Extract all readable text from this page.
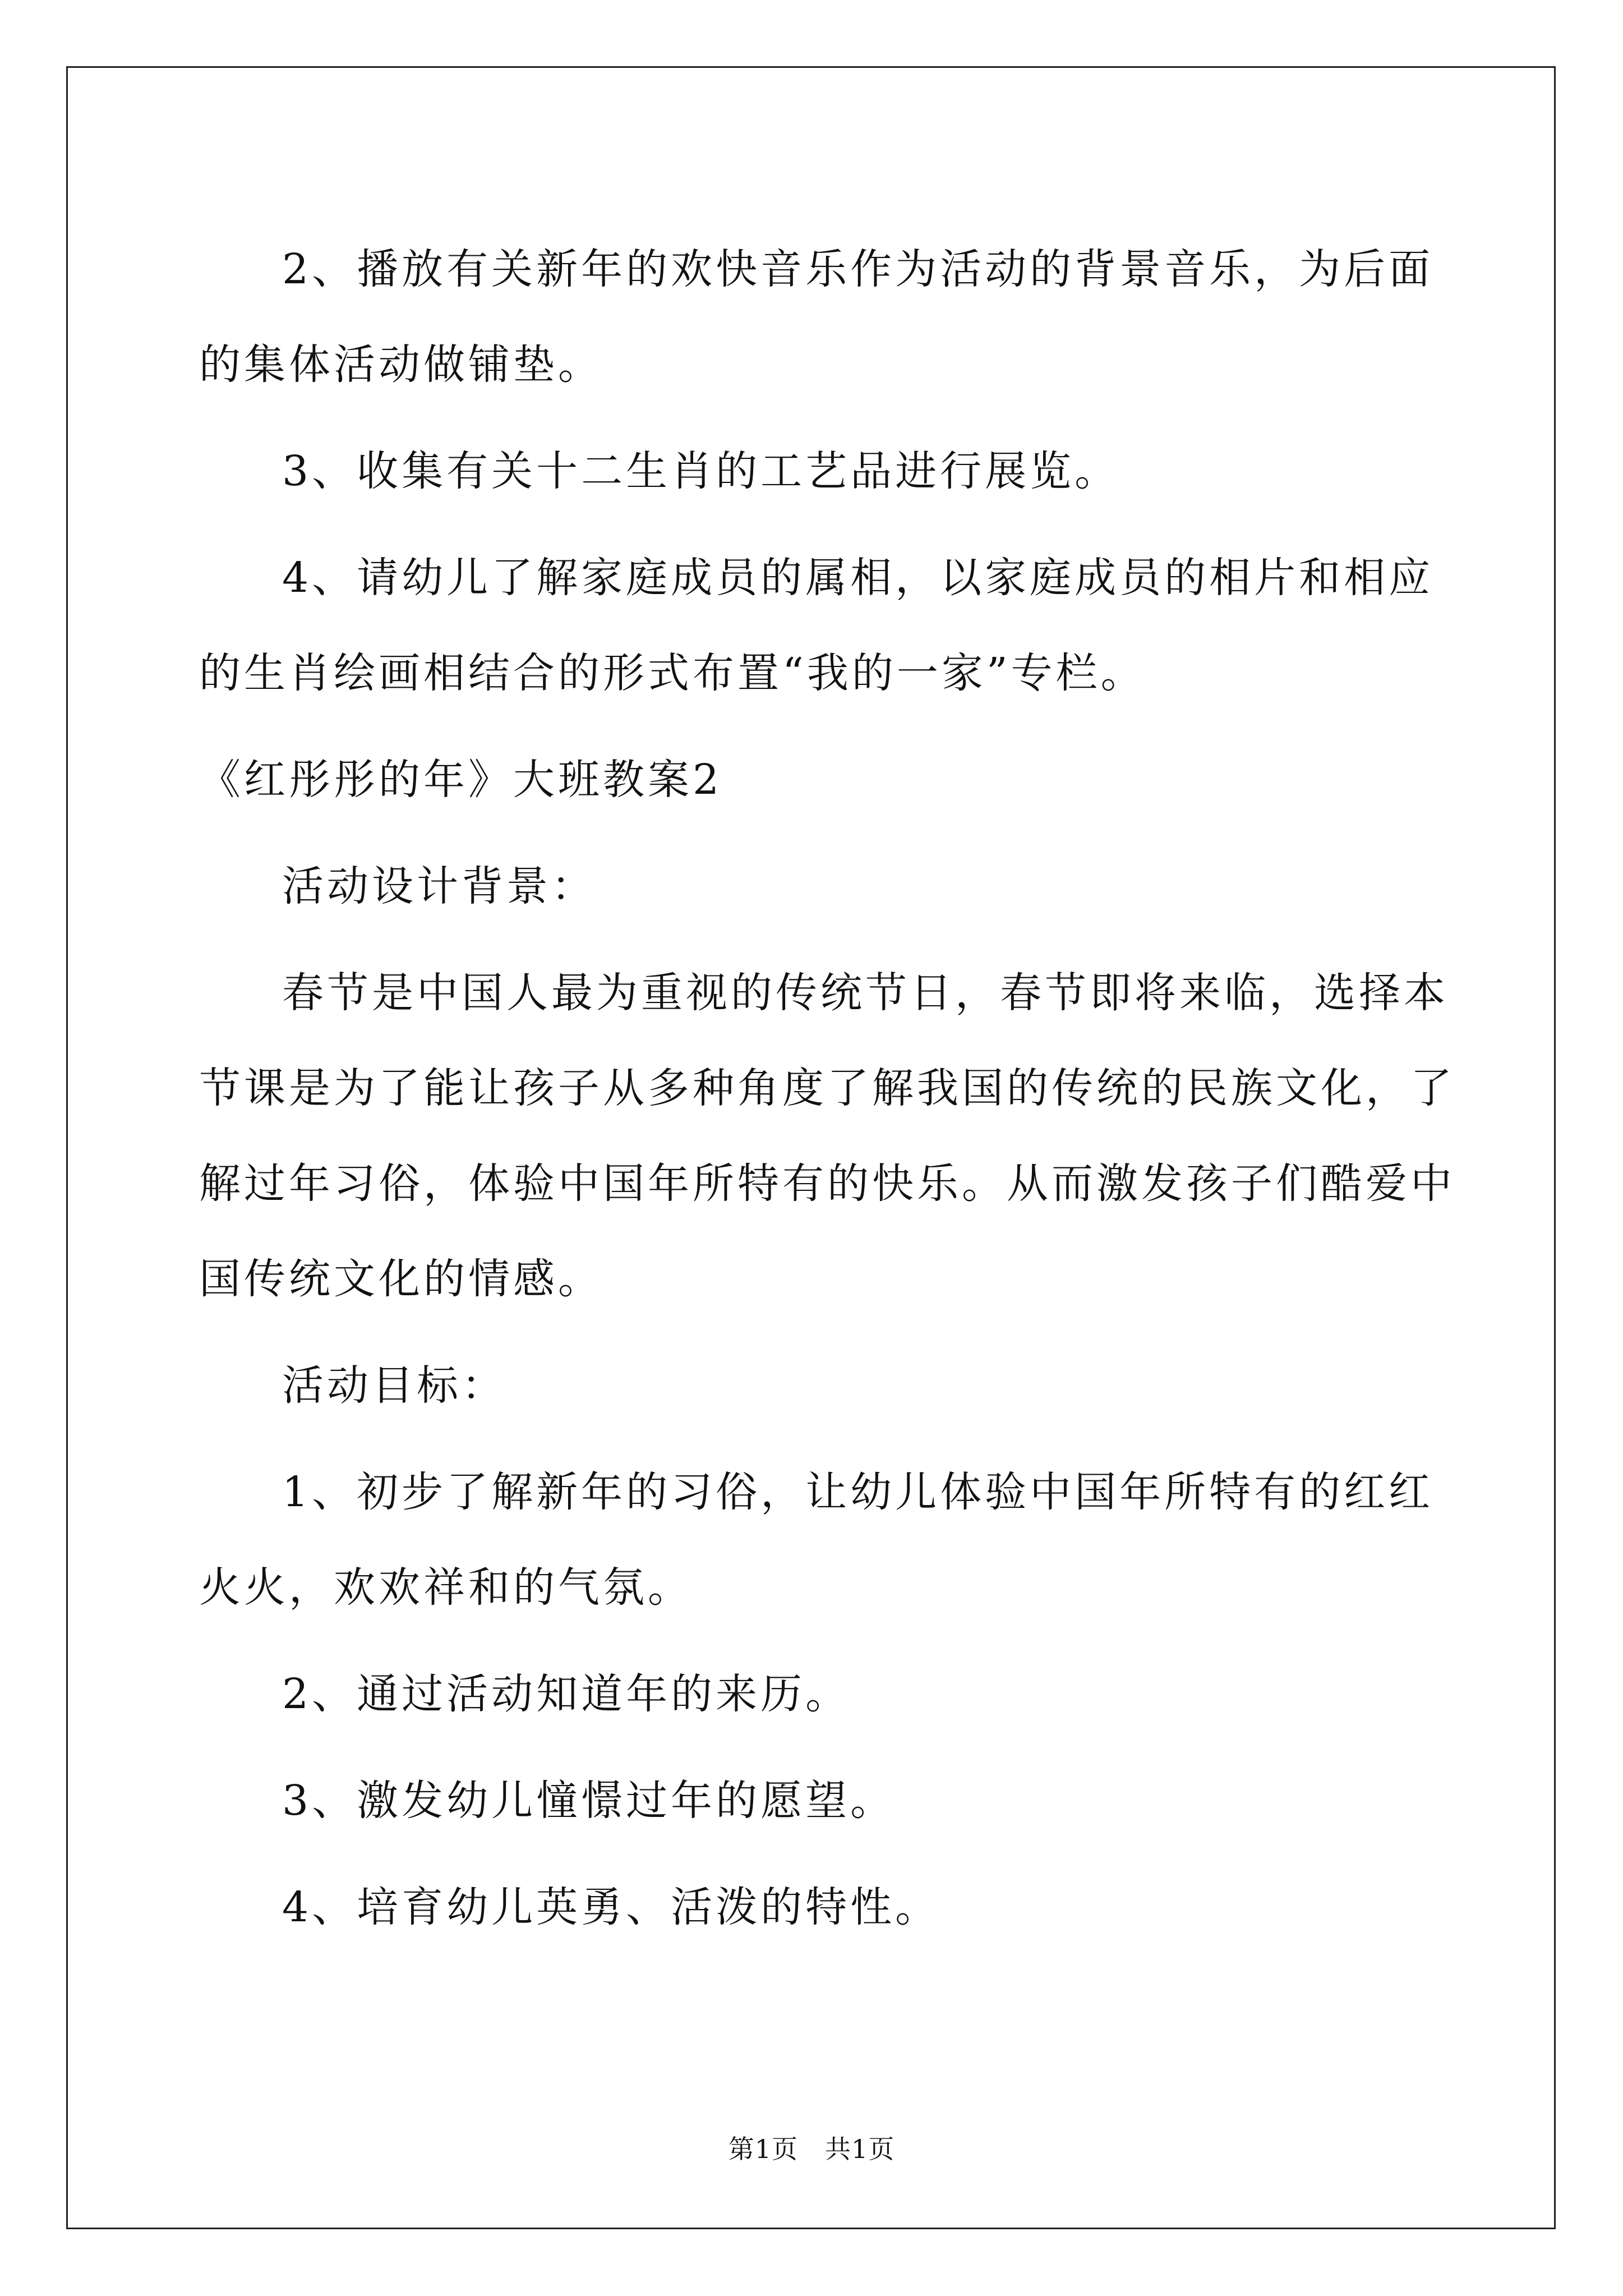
2、播放有关新年的欢快音乐作为活动的背景音乐，为后面的集体活动做铺垫。

3、收集有关十二生肖的工艺品进行展览。

4、请幼儿了解家庭成员的属相，以家庭成员的相片和相应的生肖绘画相结合的形式布置“我的一家”专栏。

《红彤彤的年》大班教案2

活动设计背景：

春节是中国人最为重视的传统节日，春节即将来临，选择本节课是为了能让孩子从多种角度了解我国的传统的民族文化，了解过年习俗，体验中国年所特有的快乐。从而激发孩子们酷爱中国传统文化的情感。

活动目标：

1、初步了解新年的习俗，让幼儿体验中国年所特有的红红火火，欢欢祥和的气氛。

2、通过活动知道年的来历。

3、激发幼儿憧憬过年的愿望。

4、培育幼儿英勇、活泼的特性。

第1页 共1页
